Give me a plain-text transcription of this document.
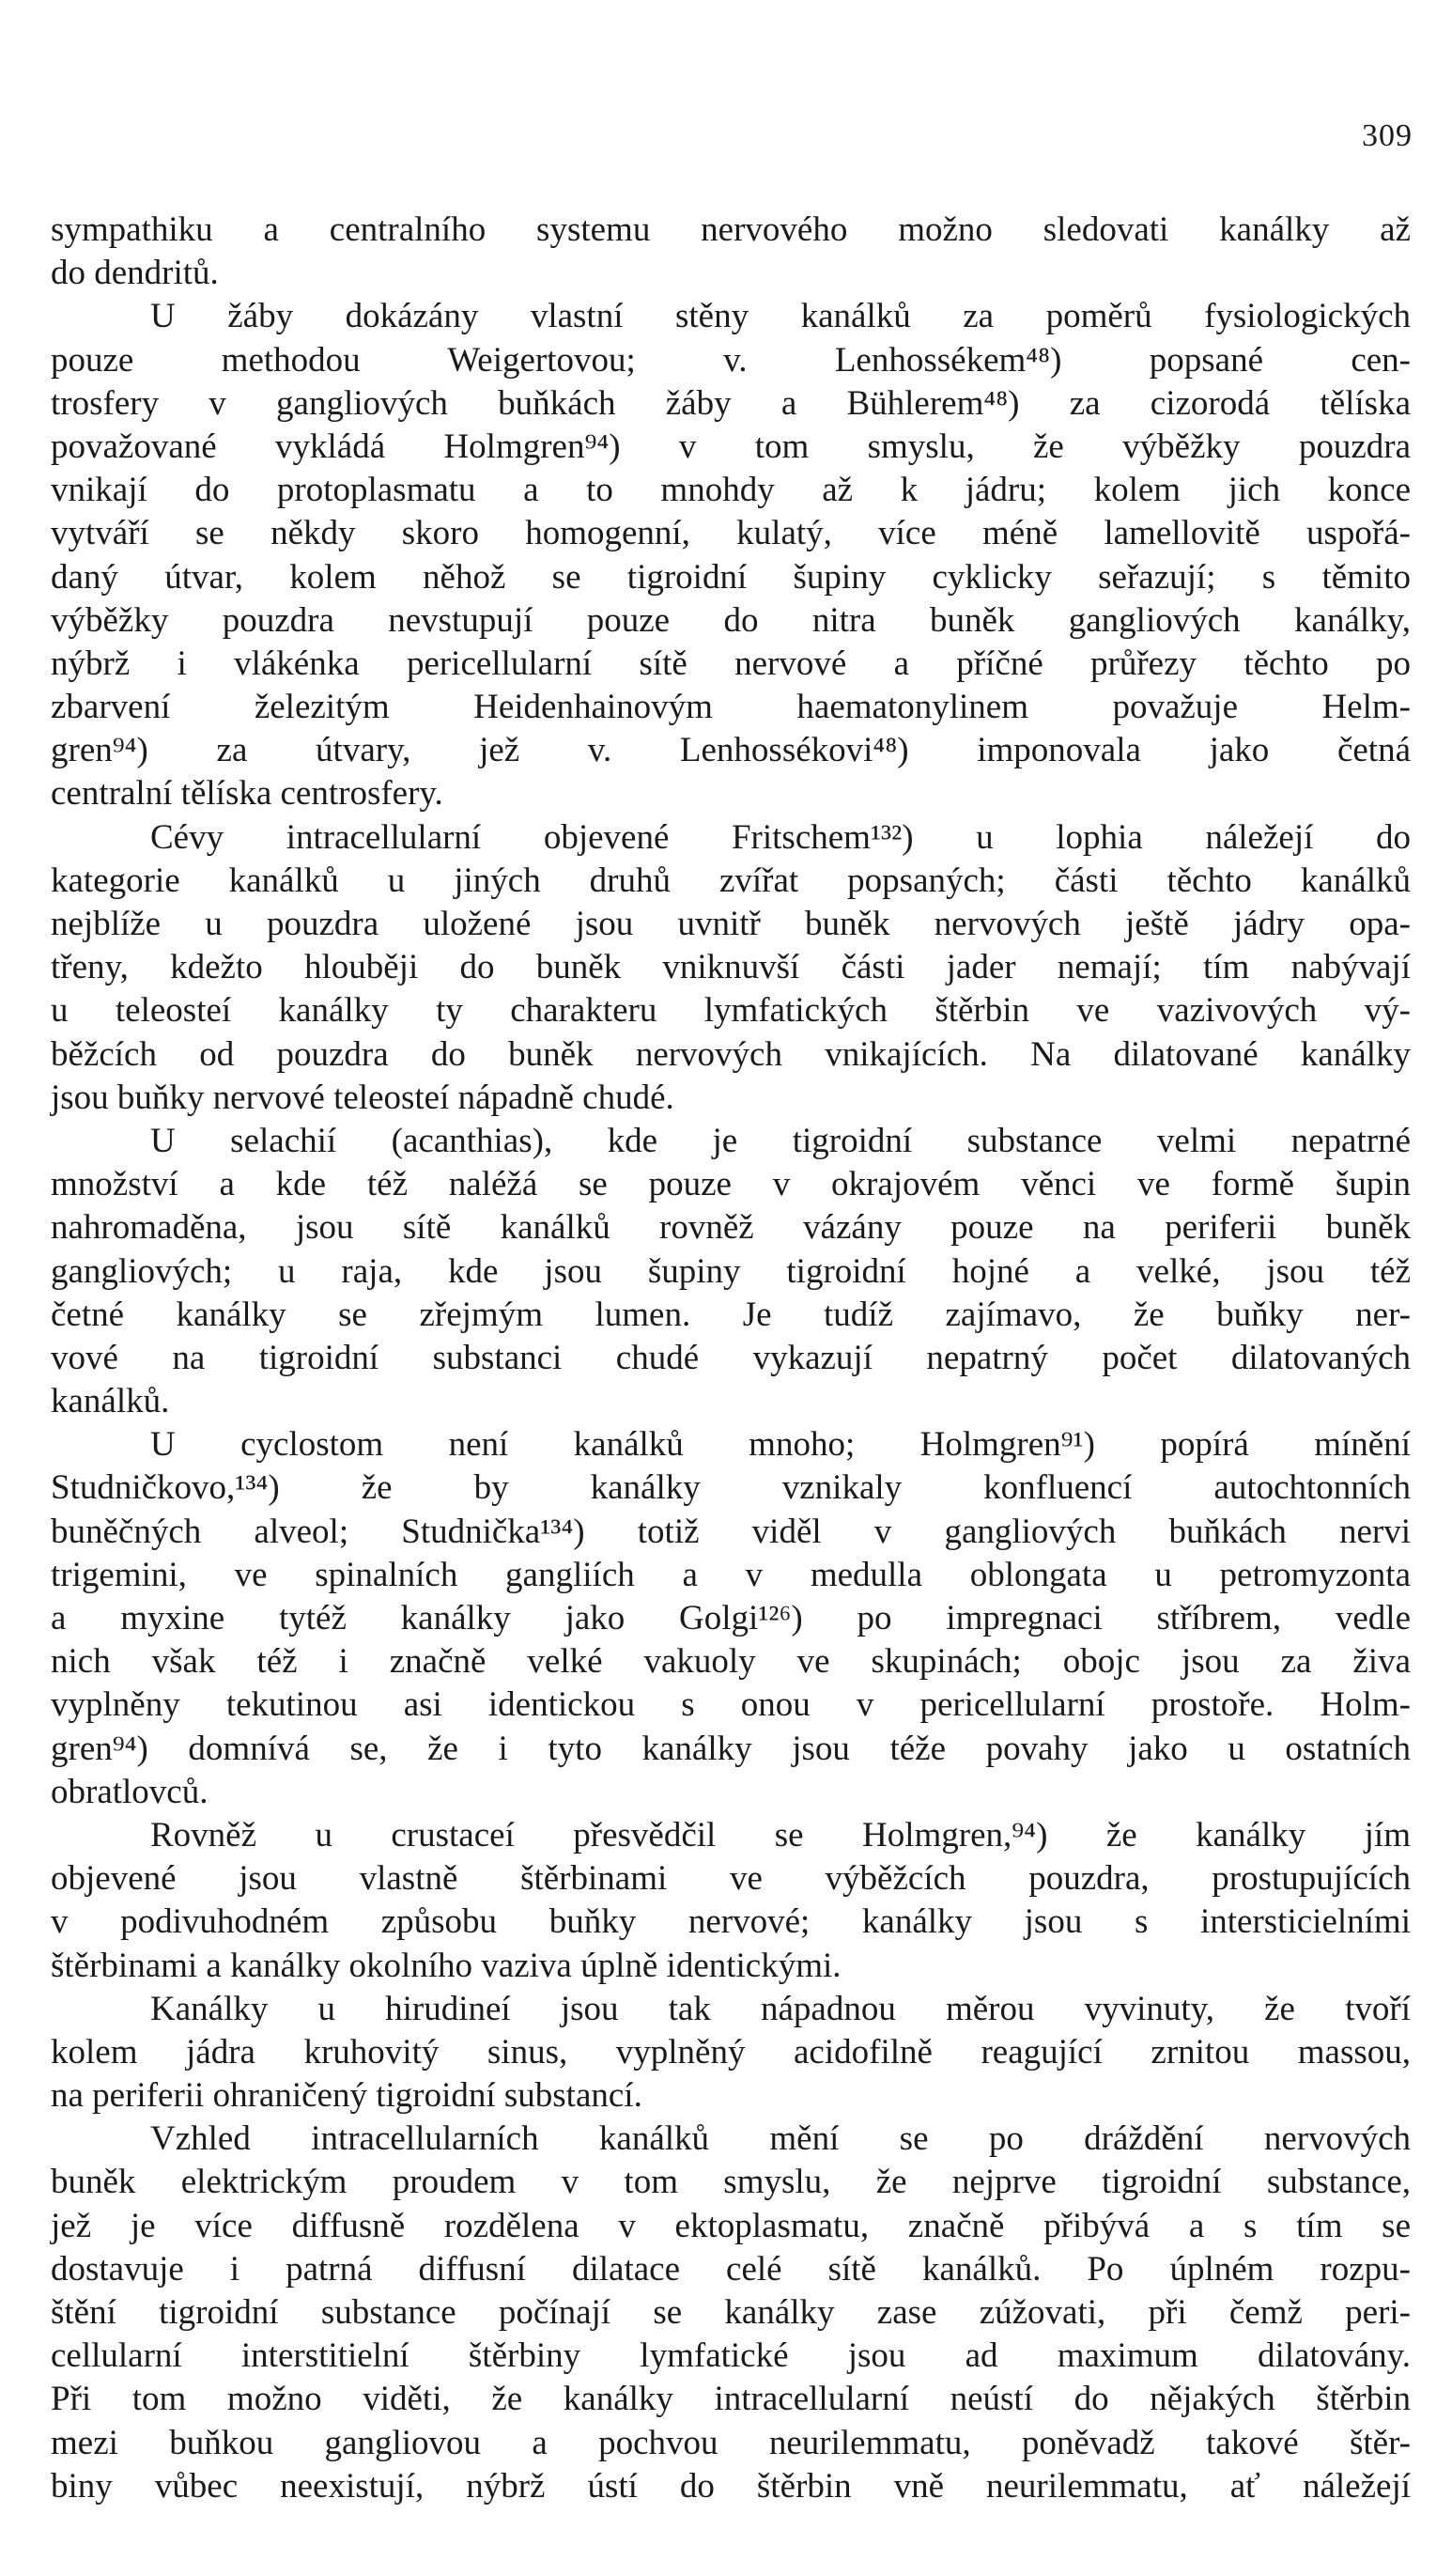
309
sympathiku a centralního systemu nervového možno sledovati kanálky až
do dendritů.
U žáby dokázány vlastní stěny kanálků za poměrů fysiologických
pouze methodou Weigertovou; v. Lenhossékem⁴⁸) popsané cen-
trosfery v gangliových buňkách žáby a Bühlerem⁴⁸) za cizorodá tělíska
považované vykládá Holmgren⁹⁴) v tom smyslu, že výběžky pouzdra
vnikají do protoplasmatu a to mnohdy až k jádru; kolem jich konce
vytváří se někdy skoro homogenní, kulatý, více méně lamellovitě uspořá-
daný útvar, kolem něhož se tigroidní šupiny cyklicky seřazují; s těmito
výběžky pouzdra nevstupují pouze do nitra buněk gangliových kanálky,
nýbrž i vlákénka pericellularní sítě nervové a příčné průřezy těchto po
zbarvení železitým Heidenhainovým haematonylinem považuje Helm-
gren⁹⁴) za útvary, jež v. Lenhossékovi⁴⁸) imponovala jako četná
centralní tělíska centrosfery.
Cévy intracellularní objevené Fritschem¹³²) u lophia náležejí do
kategorie kanálků u jiných druhů zvířat popsaných; části těchto kanálků
nejblíže u pouzdra uložené jsou uvnitř buněk nervových ještě jádry opa-
třeny, kdežto hlouběji do buněk vniknuvší části jader nemají; tím nabývají
u teleosteí kanálky ty charakteru lymfatických štěrbin ve vazivových vý-
běžcích od pouzdra do buněk nervových vnikajících. Na dilatované kanálky
jsou buňky nervové teleosteí nápadně chudé.
U selachií (acanthias), kde je tigroidní substance velmi nepatrné
množství a kde též naléžá se pouze v okrajovém věnci ve formě šupin
nahromaděna, jsou sítě kanálků rovněž vázány pouze na periferii buněk
gangliových; u raja, kde jsou šupiny tigroidní hojné a velké, jsou též
četné kanálky se zřejmým lumen. Je tudíž zajímavo, že buňky ner-
vové na tigroidní substanci chudé vykazují nepatrný počet dilatovaných
kanálků.
U cyclostom není kanálků mnoho; Holmgren⁹¹) popírá mínění
Studničkovo,¹³⁴) že by kanálky vznikaly konfluencí autochtonních
buněčných alveol; Studnička¹³⁴) totiž viděl v gangliových buňkách nervi
trigemini, ve spinalních gangliích a v medulla oblongata u petromyzonta
a myxine tytéž kanálky jako Golgi¹²⁶) po impregnaci stříbrem, vedle
nich však též i značně velké vakuoly ve skupinách; obojc jsou za živa
vyplněny tekutinou asi identickou s onou v pericellularní prostoře. Holm-
gren⁹⁴) domnívá se, že i tyto kanálky jsou téže povahy jako u ostatních
obratlovců.
Rovněž u crustaceí přesvědčil se Holmgren,⁹⁴) že kanálky jím
objevené jsou vlastně štěrbinami ve výběžcích pouzdra, prostupujících
v podivuhodném způsobu buňky nervové; kanálky jsou s intersticielními
štěrbinami a kanálky okolního vaziva úplně identickými.
Kanálky u hirudineí jsou tak nápadnou měrou vyvinuty, že tvoří
kolem jádra kruhovitý sinus, vyplněný acidofilně reagující zrnitou massou,
na periferii ohraničený tigroidní substancí.
Vzhled intracellularních kanálků mění se po dráždění nervových
buněk elektrickým proudem v tom smyslu, že nejprve tigroidní substance,
jež je více diffusně rozdělena v ektoplasmatu, značně přibývá a s tím se
dostavuje i patrná diffusní dilatace celé sítě kanálků. Po úplném rozpu-
štění tigroidní substance počínají se kanálky zase zúžovati, při čemž peri-
cellularní interstitielní štěrbiny lymfatické jsou ad maximum dilatovány.
Při tom možno viděti, že kanálky intracellularní neústí do nějakých štěrbin
mezi buňkou gangliovou a pochvou neurilemmatu, poněvadž takové štěr-
biny vůbec neexistují, nýbrž ústí do štěrbin vně neurilemmatu, ať náležejí
